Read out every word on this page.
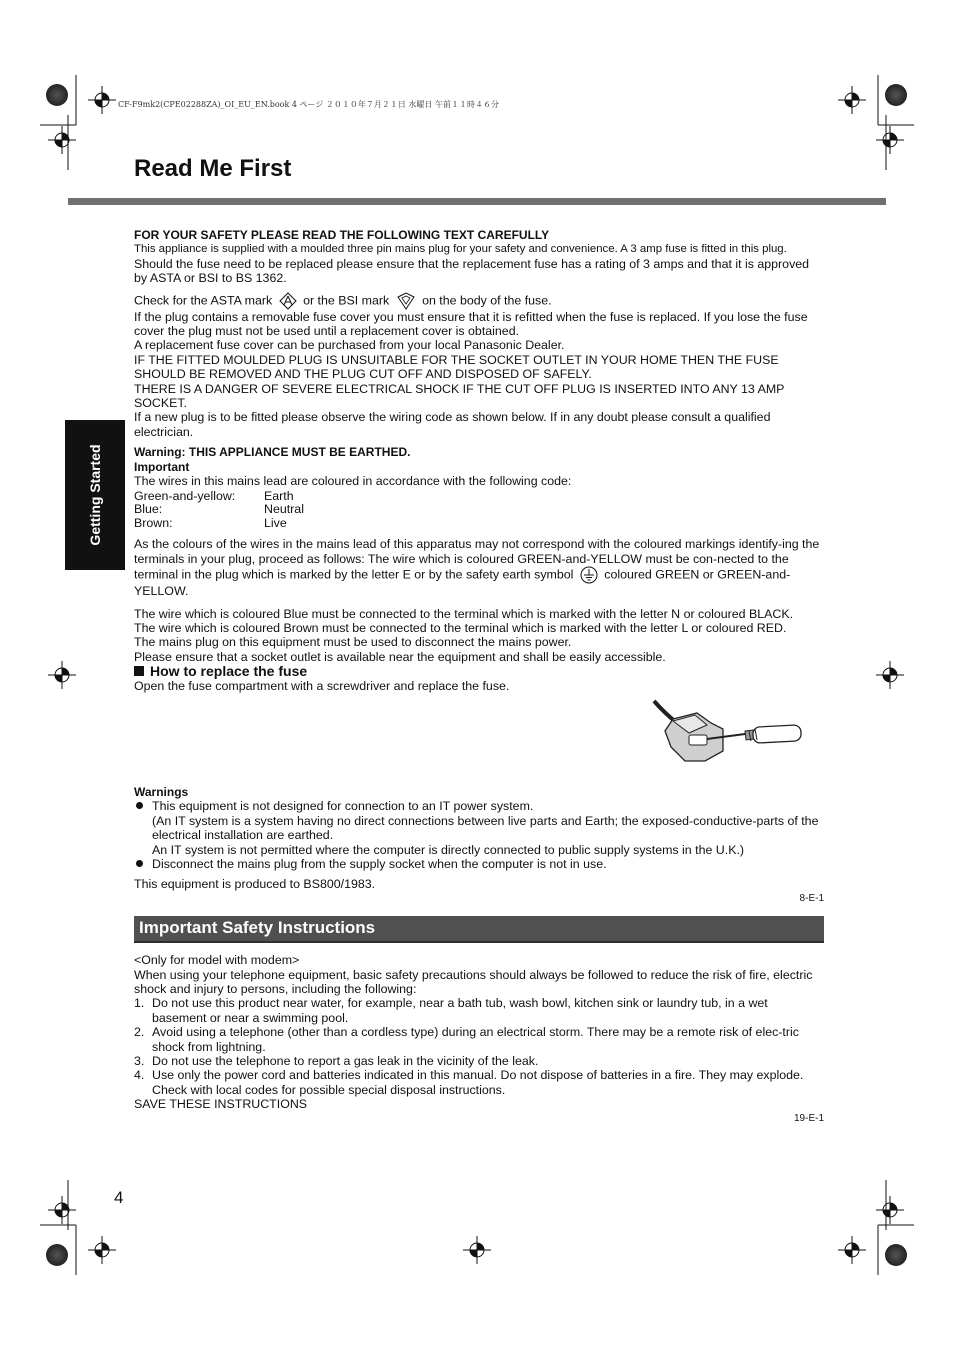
CF-F9mk2(CPE02288ZA)_OI_EU_EN.book 4 ページ ２０１０年７月２１日 水曜日 午前１１時４６分
Read Me First
Getting Started

FOR YOUR SAFETY PLEASE READ THE FOLLOWING TEXT CAREFULLY

This appliance is supplied with a moulded three pin mains plug for your safety and convenience. A 3 amp fuse is fitted in this plug.

Should the fuse need to be replaced please ensure that the replacement fuse has a rating of 3 amps and that it is approved by ASTA or BSI to BS 1362.

Check for the ASTA mark or the BSI mark	on the body of the fuse.

If the plug contains a removable fuse cover you must ensure that it is refitted when the fuse is replaced. If you lose the fuse cover the plug must not be used until a replacement cover is obtained.

A replacement fuse cover can be purchased from your local Panasonic Dealer.

IF THE FITTED MOULDED PLUG IS UNSUITABLE FOR THE SOCKET OUTLET IN YOUR HOME THEN THE FUSE SHOULD BE REMOVED AND THE PLUG CUT OFF AND DISPOSED OF SAFELY.

THERE IS A DANGER OF SEVERE ELECTRICAL SHOCK IF THE CUT OFF PLUG IS INSERTED INTO ANY 13 AMP SOCKET.

If a new plug is to be fitted please observe the wiring code as shown below. If in any doubt please consult a qualified electrician.

Warning: THIS APPLIANCE MUST BE EARTHED.

Important

The wires in this mains lead are coloured in accordance with the following code:

Green-and-yellow:	Earth
Blue:	Neutral
Brown:	Live

As the colours of the wires in the mains lead of this apparatus may not correspond with the coloured markings identify-ing the terminals in your plug, proceed as follows: The wire which is coloured GREEN-and-YELLOW must be con-nected to the terminal in the plug which is marked by the letter E or by the safety earth symbol coloured GREEN or GREEN-and-YELLOW.

The wire which is coloured Blue must be connected to the terminal which is marked with the letter N or coloured BLACK.

The wire which is coloured Brown must be connected to the terminal which is marked with the letter L or coloured RED.

The mains plug on this equipment must be used to disconnect the mains power.

Please ensure that a socket outlet is available near the equipment and shall be easily accessible.

How to replace the fuse

Open the fuse compartment with a screwdriver and replace the fuse.

Warnings

This equipment is not designed for connection to an IT power system.

(An IT system is a system having no direct connections between live parts and Earth; the exposed-conductive-parts of the electrical installation are earthed.

An IT system is not permitted where the computer is directly connected to public supply systems in the U.K.)

Disconnect the mains plug from the supply socket when the computer is not in use.

This equipment is produced to BS800/1983.

8-E-1

Important Safety Instructions

<Only for model with modem>

When using your telephone equipment, basic safety precautions should always be followed to reduce the risk of fire, electric shock and injury to persons, including the following:

1. Do not use this product near water, for example, near a bath tub, wash bowl, kitchen sink or laundry tub, in a wet basement or near a swimming pool.
2. Avoid using a telephone (other than a cordless type) during an electrical storm. There may be a remote risk of elec-tric shock from lightning.
3. Do not use the telephone to report a gas leak in the vicinity of the leak.
4. Use only the power cord and batteries indicated in this manual. Do not dispose of batteries in a fire. They may explode. Check with local codes for possible special disposal instructions.

SAVE THESE INSTRUCTIONS

19-E-1

4
